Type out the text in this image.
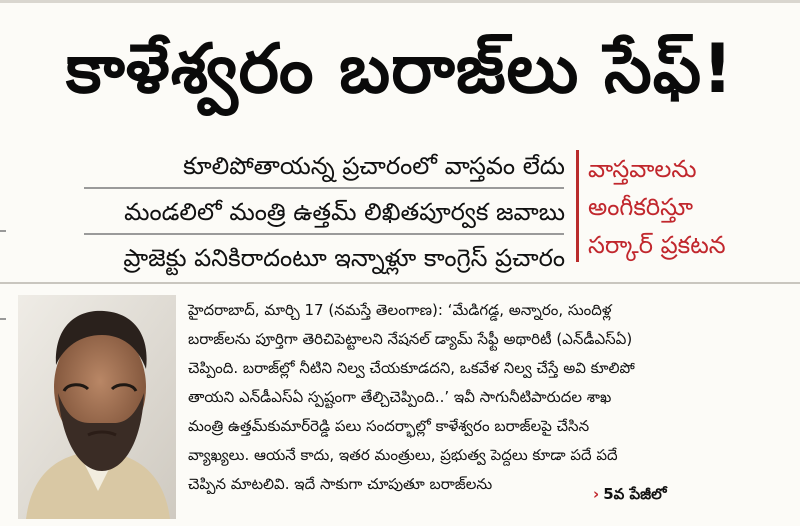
కాళేశ్వరం బరాజ్‌లు సేఫ్!
కూలిపోతాయన్న ప్రచారంలో వాస్తవం లేదు
మండలిలో మంత్రి ఉత్తమ్ లిఖితపూర్వక జవాబు
ప్రాజెక్టు పనికిరాదంటూ ఇన్నాళ్లూ కాంగ్రెస్ ప్రచారం
వాస్తవాలను
అంగీకరిస్తూ
సర్కార్ ప్రకటన
హైదరాబాద్, మార్చి 17 (నమస్తే తెలంగాణ): ‘మేడిగడ్డ, అన్నారం, సుందిళ్ల
బరాజ్‌లను పూర్తిగా తెరిచిపెట్టాలని నేషనల్ డ్యామ్ సేఫ్టీ అథారిటీ (ఎన్‌డీఎస్‌ఏ)
చెప్పింది. బరాజ్‌ల్లో నీటిని నిల్వ చేయకూడదని, ఒకవేళ నిల్వ చేస్తే అవి కూలిపో
తాయని ఎన్‌డీఎస్‌ఏ స్పష్టంగా తేల్చిచెప్పింది..’ ఇవీ సాగునీటిపారుదల శాఖ
మంత్రి ఉత్తమ్‌కుమార్‌రెడ్డి పలు సందర్భాల్లో కాళేశ్వరం బరాజ్‌లపై చేసిన
వ్యాఖ్యలు. ఆయనే కాదు, ఇతర మంత్రులు, ప్రభుత్వ పెద్దలు కూడా పదే పదే
చెప్పిన మాటలివి. ఇదే సాకుగా చూపుతూ బరాజ్‌లను
› 5వ పేజీలో
